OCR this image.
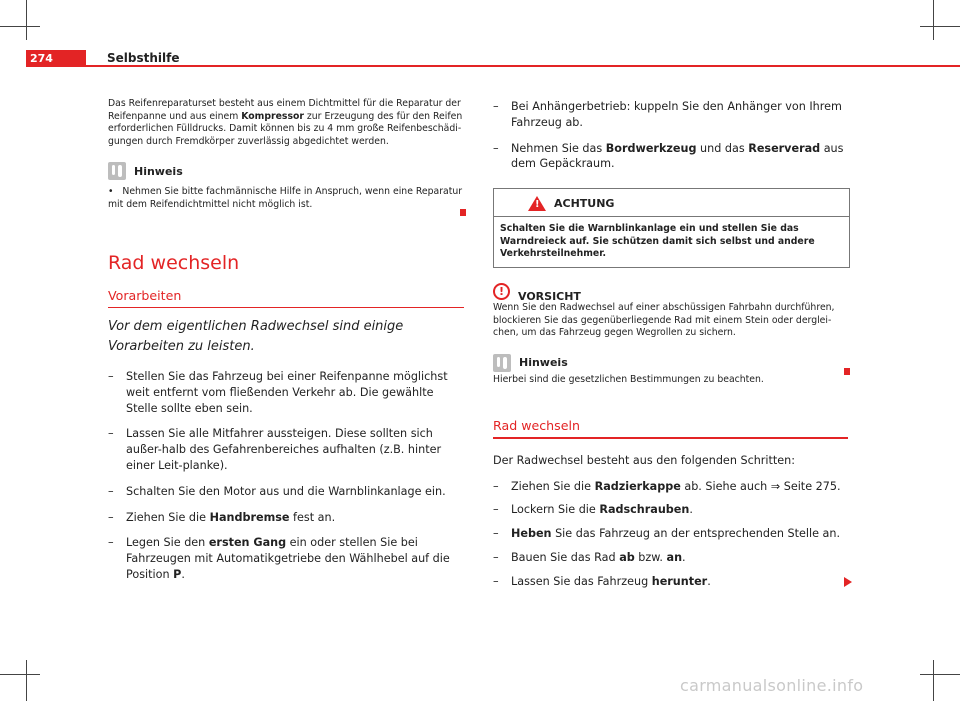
274	Selbsthilfe

Das Reifenreparaturset besteht aus einem Dichtmittel für die Reparatur der Reifenpanne und aus einem Kompressor zur Erzeugung des für den Reifen erforderlichen Fülldrucks. Damit können bis zu 4 mm große Reifenbeschädi-gungen durch Fremdkörper zuverlässig abgedichtet werden.

Hinweis

• Nehmen Sie bitte fachmännische Hilfe in Anspruch, wenn eine Reparatur mit dem Reifendichtmittel nicht möglich ist.

Rad wechseln
Vorarbeiten

Vor dem eigentlichen Radwechsel sind einige Vorarbeiten zu leisten.

–	Stellen Sie das Fahrzeug bei einer Reifenpanne möglichst weit entfernt vom fließenden Verkehr ab. Die gewählte Stelle sollte eben sein.
–	Lassen Sie alle Mitfahrer aussteigen. Diese sollten sich außer-halb des Gefahrenbereiches aufhalten (z.B. hinter einer Leit-planke).
–	Schalten Sie den Motor aus und die Warnblinkanlage ein.
–	Ziehen Sie die Handbremse fest an.
–	Legen Sie den ersten Gang ein oder stellen Sie bei Fahrzeugen mit Automatikgetriebe den Wählhebel auf die Position P.
–	Bei Anhängerbetrieb: kuppeln Sie den Anhänger von Ihrem Fahrzeug ab.
–	Nehmen Sie das Bordwerkzeug und das Reserverad aus dem Gepäckraum.
! ACHTUNG
Schalten Sie die Warnblinkanlage ein und stellen Sie das Warndreieck auf. Sie schützen damit sich selbst und andere Verkehrsteilnehmer.
!	VORSICHT

Wenn Sie den Radwechsel auf einer abschüssigen Fahrbahn durchführen, blockieren Sie das gegenüberliegende Rad mit einem Stein oder derglei-chen, um das Fahrzeug gegen Wegrollen zu sichern.

Hinweis

Hierbei sind die gesetzlichen Bestimmungen zu beachten.

Rad wechseln

Der Radwechsel besteht aus den folgenden Schritten:

–	Ziehen Sie die Radzierkappe ab. Siehe auch ⇒ Seite 275.
–	Lockern Sie die Radschrauben.
–	Heben Sie das Fahrzeug an der entsprechenden Stelle an.
–	Bauen Sie das Rad ab bzw. an.
–	Lassen Sie das Fahrzeug herunter.
carmanualsonline.info
